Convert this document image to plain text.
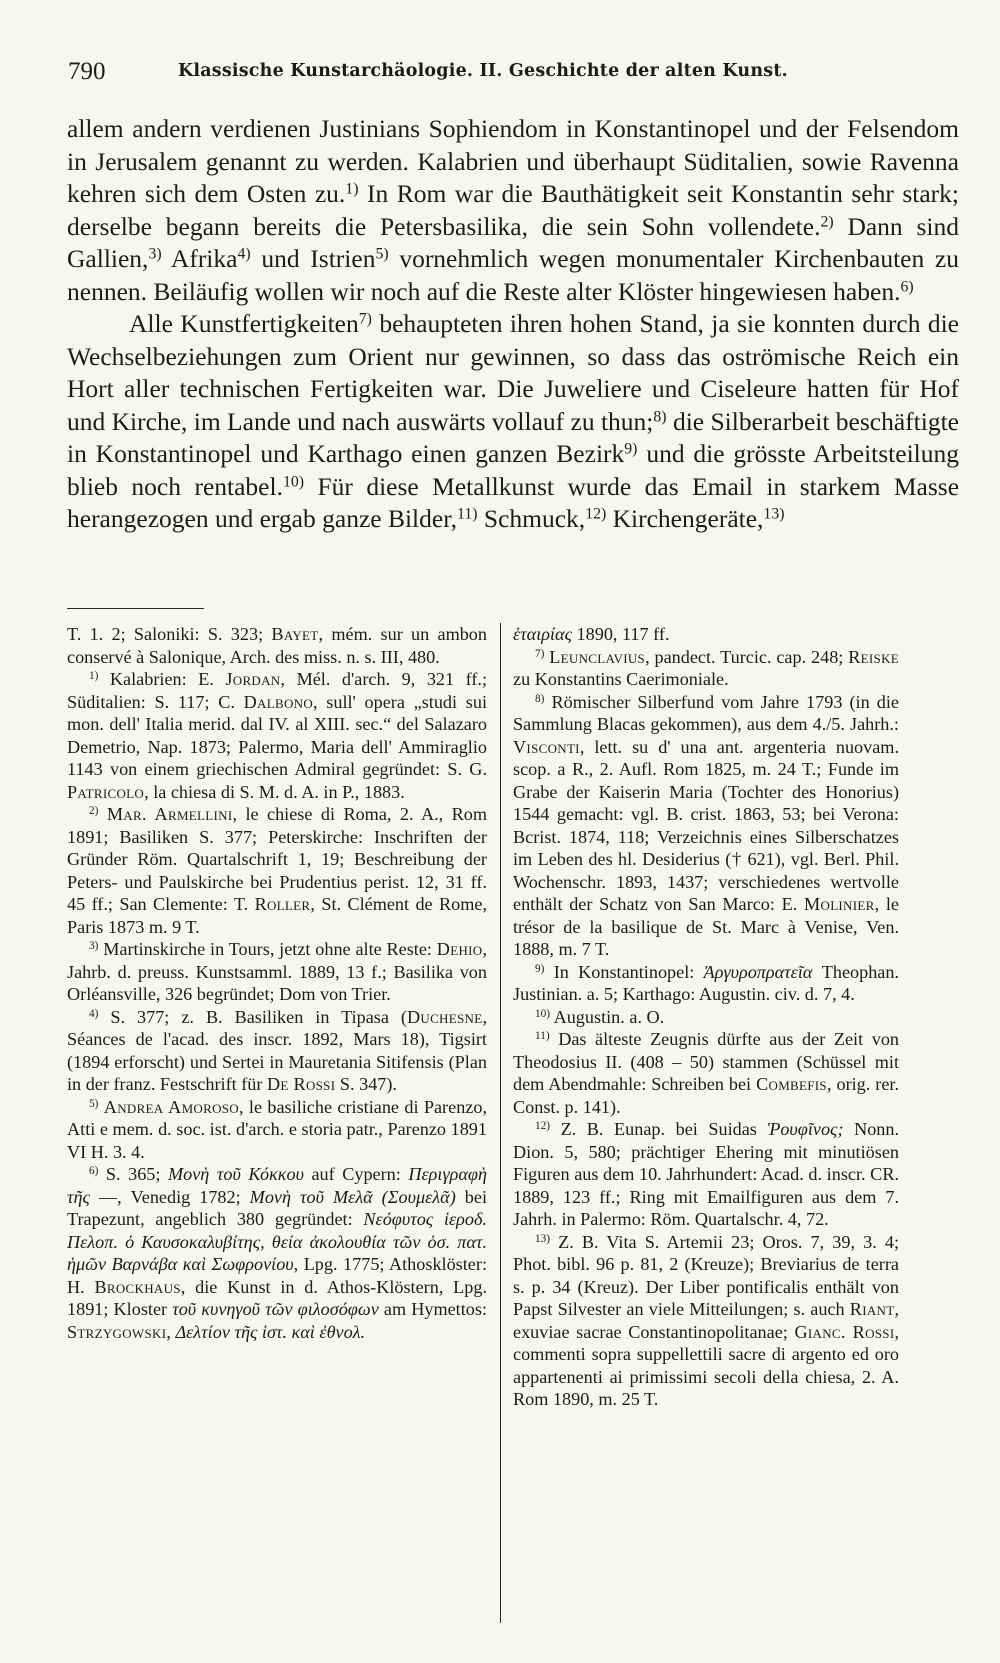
790	Klassische Kunstarchäologie. II. Geschichte der alten Kunst.

allem andern verdienen Justinians Sophiendom in Konstantinopel und der Felsendom in Jerusalem genannt zu werden. Kalabrien und überhaupt Süditalien, sowie Ravenna kehren sich dem Osten zu.$^{1)}$ In Rom war die Bauthätigkeit seit Konstantin sehr stark; derselbe begann bereits die Petersbasilika, die sein Sohn vollendete.$^{2)}$ Dann sind Gallien,$^{3)}$ Afrika$^{4)}$ und Istrien$^{5)}$ vornehmlich wegen monumentaler Kirchenbauten zu nennen. Beiläufig wollen wir noch auf die Reste alter Klöster hingewiesen haben.$^{6)}$

Alle Kunstfertigkeiten$^{7)}$ behaupteten ihren hohen Stand, ja sie konnten durch die Wechselbeziehungen zum Orient nur gewinnen, so dass das oströmische Reich ein Hort aller technischen Fertigkeiten war. Die Juweliere und Ciseleure hatten für Hof und Kirche, im Lande und nach auswärts vollauf zu thun;$^{8)}$ die Silberarbeit beschäftigte in Konstantinopel und Karthago einen ganzen Bezirk$^{9)}$ und die grösste Arbeitsteilung blieb noch rentabel.$^{10)}$ Für diese Metallkunst wurde das Email in starkem Masse herangezogen und ergab ganze Bilder,$^{11)}$ Schmuck,$^{12)}$ Kirchengeräte,$^{13)}$

T. 1. 2; Saloniki: S. 323; Bayet, mém. sur un ambon conservé à Salonique, Arch. des miss. n. s. III, 480.

$^{1)}$ Kalabrien: E. Jordan, Mél. d'arch. 9, 321 ff.; Süditalien: S. 117; C. Dalbono, sull' opera „studi sui mon. dell' Italia merid. dal IV. al XIII. sec.“ del Salazaro Demetrio, Nap. 1873; Palermo, Maria dell' Ammiraglio 1143 von einem griechischen Admiral gegründet: S. G. Patricolo, la chiesa di S. M. d. A. in P., 1883.

$^{2)}$ Mar. Armellini, le chiese di Roma, 2. A., Rom 1891; Basiliken S. 377; Peterskirche: Inschriften der Gründer Röm. Quartalschrift 1, 19; Beschreibung der Peters- und Paulskirche bei Prudentius perist. 12, 31 ff. 45 ff.; San Clemente: T. Roller, St. Clément de Rome, Paris 1873 m. 9 T.

$^{3)}$ Martinskirche in Tours, jetzt ohne alte Reste: Dehio, Jahrb. d. preuss. Kunstsamml. 1889, 13 f.; Basilika von Orléansville, 326 begründet; Dom von Trier.

$^{4)}$ S. 377; z. B. Basiliken in Tipasa (Duchesne, Séances de l'acad. des inscr. 1892, Mars 18), Tigsirt (1894 erforscht) und Sertei in Mauretania Sitifensis (Plan in der franz. Festschrift für De Rossi S. 347).

$^{5)}$ Andrea Amoroso, le basiliche cristiane di Parenzo, Atti e mem. d. soc. ist. d'arch. e storia patr., Parenzo 1891 VI H. 3. 4.

$^{6)}$ S. 365; Μονὴ τοῦ Κόκκου auf Cypern: Περιγραφὴ τῆς —, Venedig 1782; Μονὴ τοῦ Μελᾶ (Σουμελᾶ) bei Trapezunt, angeblich 380 gegründet: Νεόφυτος ἱεροδ. Πελοπ. ὁ Καυσοκαλυβίτης, θεία ἀκολουθία τῶν ὁσ. πατ. ἡμῶν Βαρνάβα καὶ Σωφρονίου, Lpg. 1775; Athosklöster: H. Brockhaus, die Kunst in d. Athos-Klöstern, Lpg. 1891; Kloster τοῦ κυνηγοῦ τῶν φιλοσόφων am Hymettos: Strzygowski, Δελτίον τῆς ἱστ. καὶ ἐθνολ.

ἑταιρίας 1890, 117 ff.

$^{7)}$ Leunclavius, pandect. Turcic. cap. 248; Reiske zu Konstantins Caerimoniale.

$^{8)}$ Römischer Silberfund vom Jahre 1793 (in die Sammlung Blacas gekommen), aus dem 4./5. Jahrh.: Visconti, lett. su d' una ant. argenteria nuovam. scop. a R., 2. Aufl. Rom 1825, m. 24 T.; Funde im Grabe der Kaiserin Maria (Tochter des Honorius) 1544 gemacht: vgl. B. crist. 1863, 53; bei Verona: Bcrist. 1874, 118; Verzeichnis eines Silberschatzes im Leben des hl. Desiderius († 621), vgl. Berl. Phil. Wochenschr. 1893, 1437; verschiedenes wertvolle enthält der Schatz von San Marco: E. Molinier, le trésor de la basilique de St. Marc à Venise, Ven. 1888, m. 7 T.

$^{9)}$ In Konstantinopel: Ἀργυροπρατεῖα Theophan. Justinian. a. 5; Karthago: Augustin. civ. d. 7, 4.

$^{10)}$ Augustin. a. O.

$^{11)}$ Das älteste Zeugnis dürfte aus der Zeit von Theodosius II. (408 – 50) stammen (Schüssel mit dem Abendmahle: Schreiben bei Combefis, orig. rer. Const. p. 141).

$^{12)}$ Z. B. Eunap. bei Suidas Ῥουφῖνος; Nonn. Dion. 5, 580; prächtiger Ehering mit minutiösen Figuren aus dem 10. Jahrhundert: Acad. d. inscr. CR. 1889, 123 ff.; Ring mit Emailfiguren aus dem 7. Jahrh. in Palermo: Röm. Quartalschr. 4, 72.

$^{13)}$ Z. B. Vita S. Artemii 23; Oros. 7, 39, 3. 4; Phot. bibl. 96 p. 81, 2 (Kreuze); Breviarius de terra s. p. 34 (Kreuz). Der Liber pontificalis enthält von Papst Silvester an viele Mitteilungen; s. auch Riant, exuviae sacrae Constantinopolitanae; Gianc. Rossi, commenti sopra suppellettili sacre di argento ed oro appartenenti ai primissimi secoli della chiesa, 2. A. Rom 1890, m. 25 T.
